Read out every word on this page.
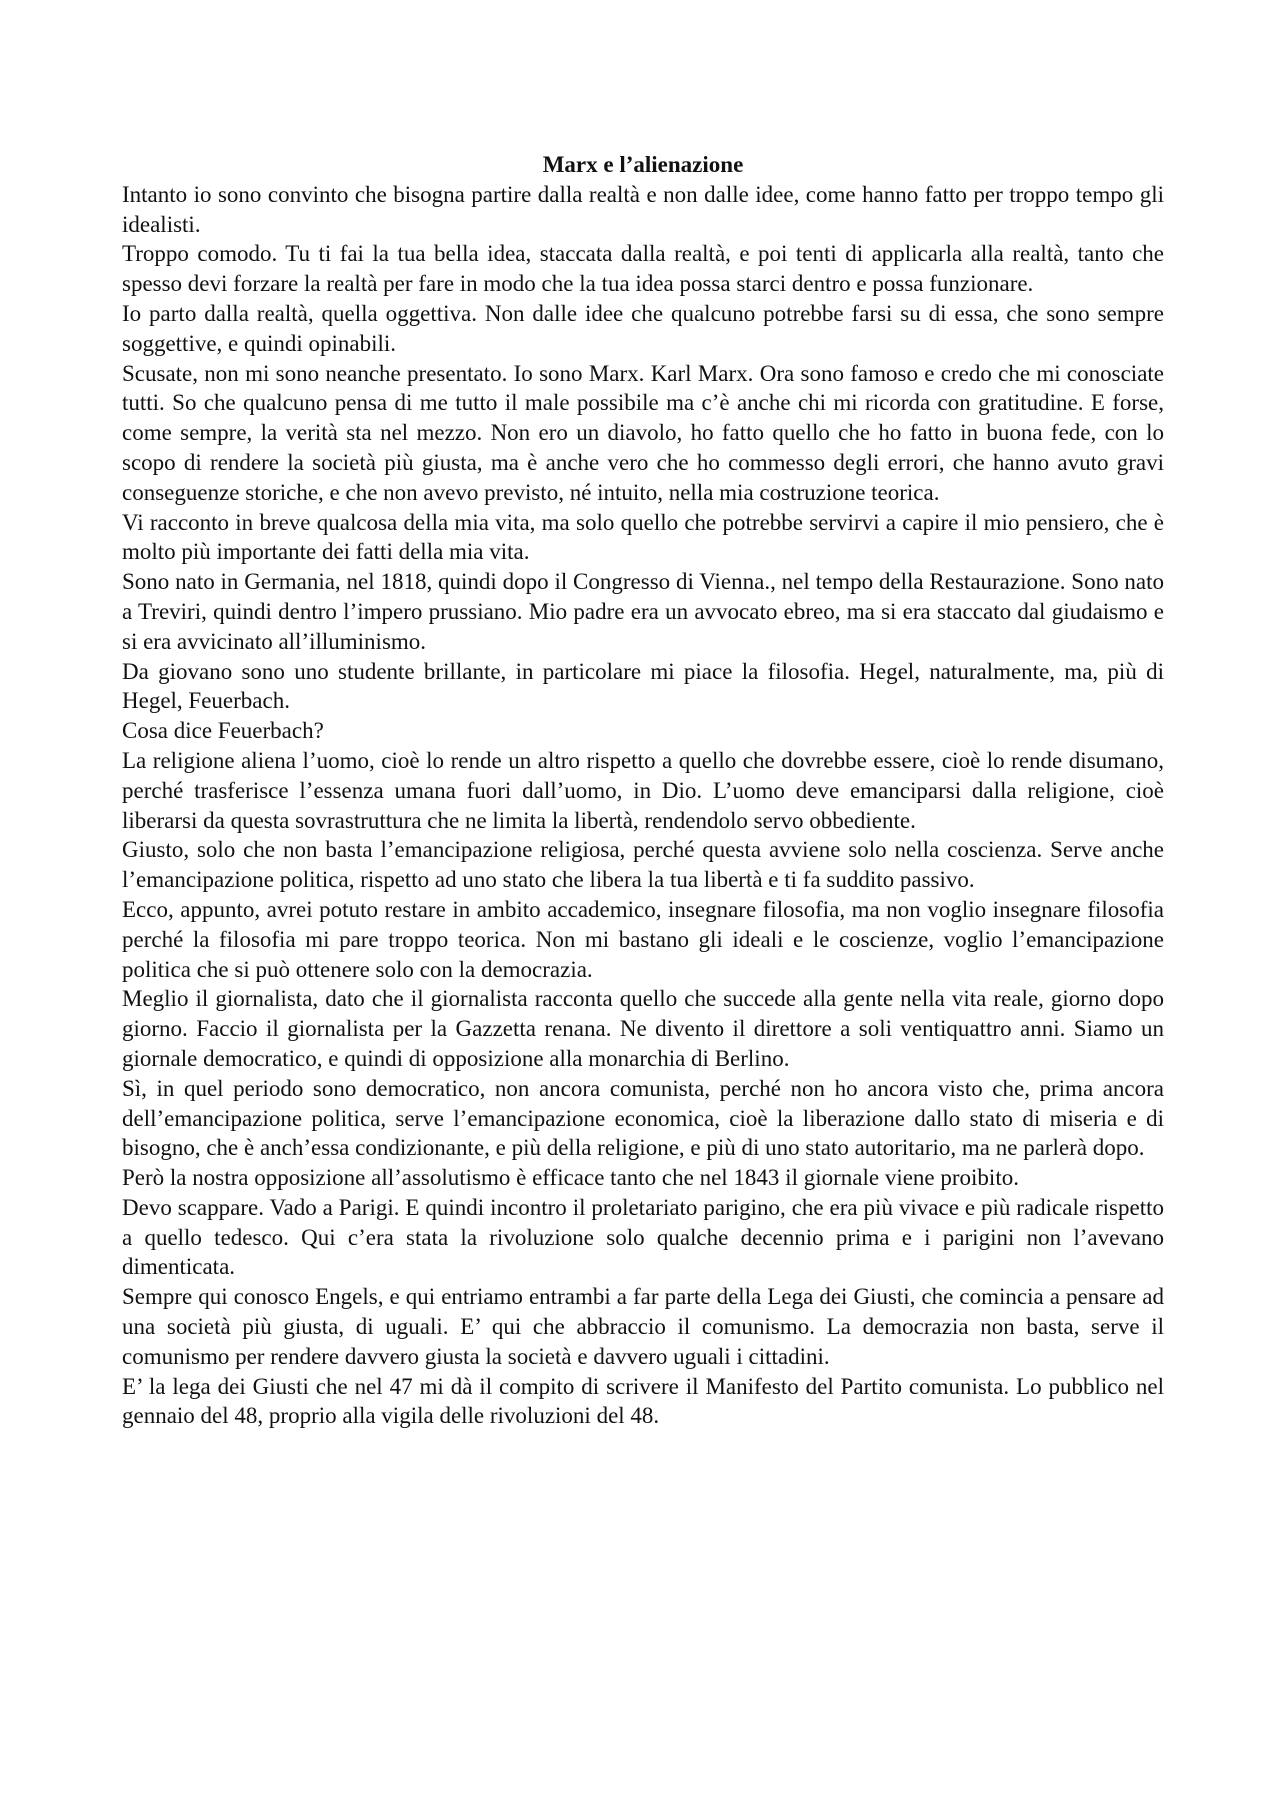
Marx e l’alienazione

Intanto io sono convinto che bisogna partire dalla realtà e non dalle idee, come hanno fatto per troppo tempo gli idealisti.

Troppo comodo. Tu ti fai la tua bella idea, staccata dalla realtà, e poi tenti di applicarla alla realtà, tanto che spesso devi forzare la realtà per fare in modo che la tua idea possa starci dentro e possa funzionare.

Io parto dalla realtà, quella oggettiva. Non dalle idee che qualcuno potrebbe farsi su di essa, che sono sempre soggettive, e quindi opinabili.

Scusate, non mi sono neanche presentato. Io sono Marx. Karl Marx. Ora sono famoso e credo che mi conosciate tutti. So che qualcuno pensa di me tutto il male possibile ma c’è anche chi mi ricorda con gratitudine. E forse, come sempre, la verità sta nel mezzo. Non ero un diavolo, ho fatto quello che ho fatto in buona fede, con lo scopo di rendere la società più giusta, ma è anche vero che ho commesso degli errori, che hanno avuto gravi conseguenze storiche, e che non avevo previsto, né intuito, nella mia costruzione teorica.

Vi racconto in breve qualcosa della mia vita, ma solo quello che potrebbe servirvi a capire il mio pensiero, che è molto più importante dei fatti della mia vita.

Sono nato in Germania, nel 1818, quindi dopo il Congresso di Vienna., nel tempo della Restaurazione. Sono nato a Treviri, quindi dentro l’impero prussiano. Mio padre era un avvocato ebreo, ma si era staccato dal giudaismo e si era avvicinato all’illuminismo.

Da giovano sono uno studente brillante, in particolare mi piace la filosofia. Hegel, naturalmente, ma, più di Hegel, Feuerbach.

Cosa dice Feuerbach?

La religione aliena l’uomo, cioè lo rende un altro rispetto a quello che dovrebbe essere, cioè lo rende disumano, perché trasferisce l’essenza umana fuori dall’uomo, in Dio. L’uomo deve emanciparsi dalla religione, cioè liberarsi da questa sovrastruttura che ne limita la libertà, rendendolo servo obbediente.

Giusto, solo che non basta l’emancipazione religiosa, perché questa avviene solo nella coscienza. Serve anche l’emancipazione politica, rispetto ad uno stato che libera la tua libertà e ti fa suddito passivo.

Ecco, appunto, avrei potuto restare in ambito accademico, insegnare filosofia, ma non voglio insegnare filosofia perché la filosofia mi pare troppo teorica. Non mi bastano gli ideali e le coscienze, voglio l’emancipazione politica che si può ottenere solo con la democrazia.

Meglio il giornalista, dato che il giornalista racconta quello che succede alla gente nella vita reale, giorno dopo giorno. Faccio il giornalista per la Gazzetta renana. Ne divento il direttore a soli ventiquattro anni. Siamo un giornale democratico, e quindi di opposizione alla monarchia di Berlino.

Sì, in quel periodo sono democratico, non ancora comunista, perché non ho ancora visto che, prima ancora dell’emancipazione politica, serve l’emancipazione economica, cioè la liberazione dallo stato di miseria e di bisogno, che è anch’essa condizionante, e più della religione, e più di uno stato autoritario, ma ne parlerà dopo.

Però la nostra opposizione all’assolutismo è efficace tanto che nel 1843 il giornale viene proibito.

Devo scappare. Vado a Parigi. E quindi incontro il proletariato parigino, che era più vivace e più radicale rispetto a quello tedesco. Qui c’era stata la rivoluzione solo qualche decennio prima e i parigini non l’avevano dimenticata.

Sempre qui conosco Engels, e qui entriamo entrambi a far parte della Lega dei Giusti, che comincia a pensare ad una società più giusta, di uguali. E’ qui che abbraccio il comunismo. La democrazia non basta, serve il comunismo per rendere davvero giusta la società e davvero uguali i cittadini.

E’ la lega dei Giusti che nel 47 mi dà il compito di scrivere il Manifesto del Partito comunista. Lo pubblico nel gennaio del 48, proprio alla vigila delle rivoluzioni del 48.
